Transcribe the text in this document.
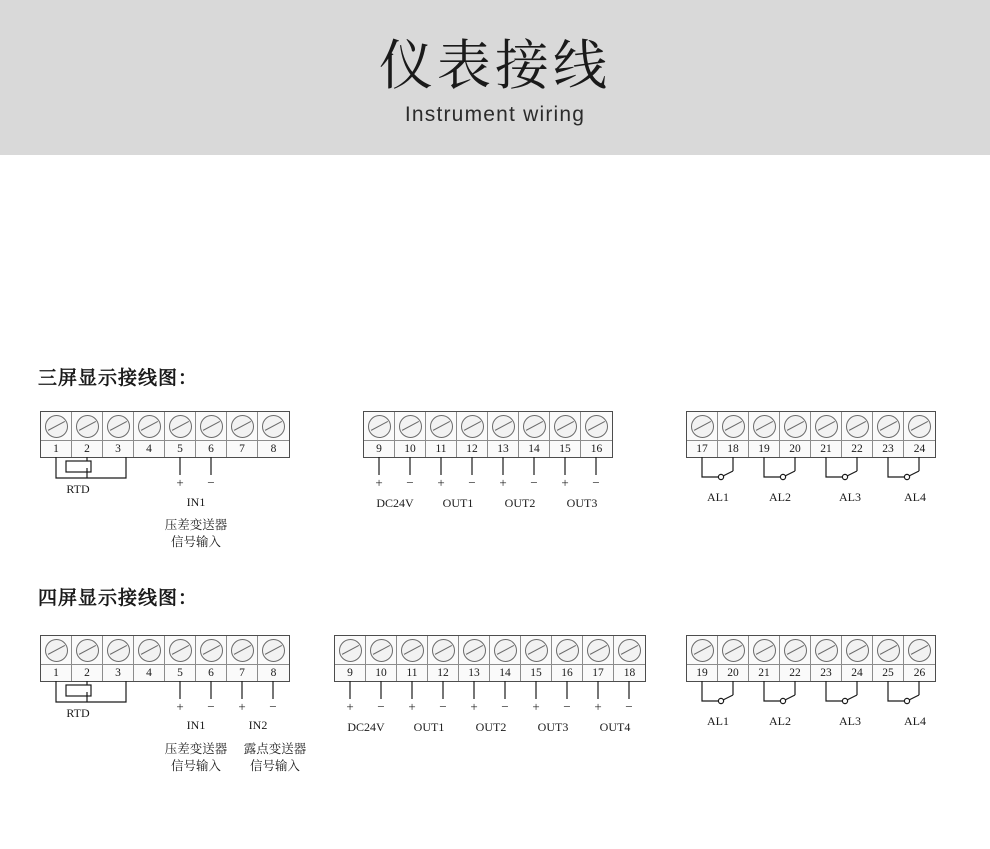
仪表接线
Instrument wiring
三屏显示接线图：
1 2 3 4 5 6 7 8	9 10 11 12 13 14 15 16	17 18 19 20 21 22 23 24
RTD	+ −
IN1
压差变送器
信号输入
+ − + − + − + −
DC24V OUT1	OUT2	OUT3	AL1	AL2	AL3	AL4
四屏显示接线图：
1 2 3 4 5 6 7 8	9 10 11 12 13 14 15 16 17 18	19 20 21 22 23 24 25 26
RTD	+ − + −
IN1	IN2
压差变送器
信号输入
露点变送器
信号输入
+ − + − + − + − + −
DC24V OUT1	OUT2	OUT3	OUT4	AL1	AL2	AL3	AL4
